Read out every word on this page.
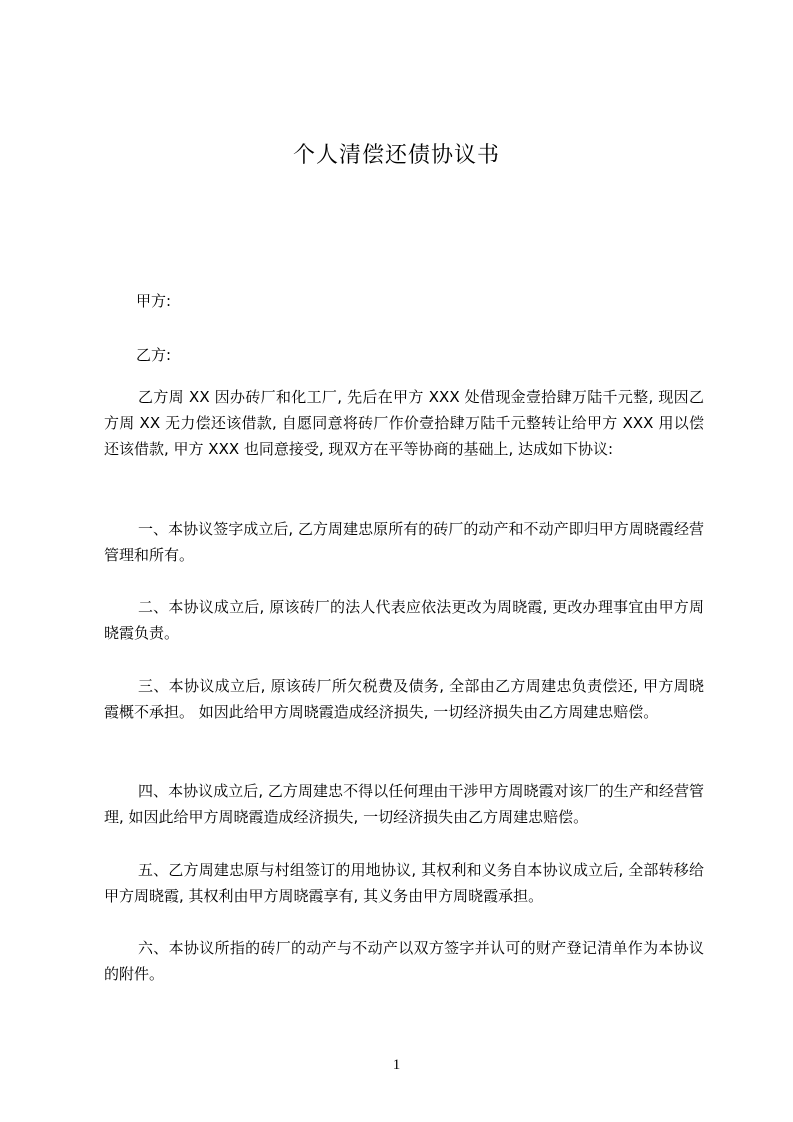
个人清偿还债协议书
甲方:
乙方:

乙方周 XX 因办砖厂和化工厂, 先后在甲方 XXX 处借现金壹拾肆万陆千元整, 现因乙方周 XX 无力偿还该借款, 自愿同意将砖厂作价壹拾肆万陆千元整转让给甲方 XXX 用以偿还该借款, 甲方 XXX 也同意接受, 现双方在平等协商的基础上, 达成如下协议:

一、本协议签字成立后, 乙方周建忠原所有的砖厂的动产和不动产即归甲方周晓霞经营管理和所有。

二、本协议成立后, 原该砖厂的法人代表应依法更改为周晓霞, 更改办理事宜由甲方周晓霞负责。

三、本协议成立后, 原该砖厂所欠税费及债务, 全部由乙方周建忠负责偿还, 甲方周晓霞概不承担。 如因此给甲方周晓霞造成经济损失, 一切经济损失由乙方周建忠赔偿。

四、本协议成立后, 乙方周建忠不得以任何理由干涉甲方周晓霞对该厂的生产和经营管理, 如因此给甲方周晓霞造成经济损失, 一切经济损失由乙方周建忠赔偿。

五、乙方周建忠原与村组签订的用地协议, 其权利和义务自本协议成立后, 全部转移给甲方周晓霞, 其权利由甲方周晓霞享有, 其义务由甲方周晓霞承担。

六、本协议所指的砖厂的动产与不动产以双方签字并认可的财产登记清单作为本协议的附件。

1
